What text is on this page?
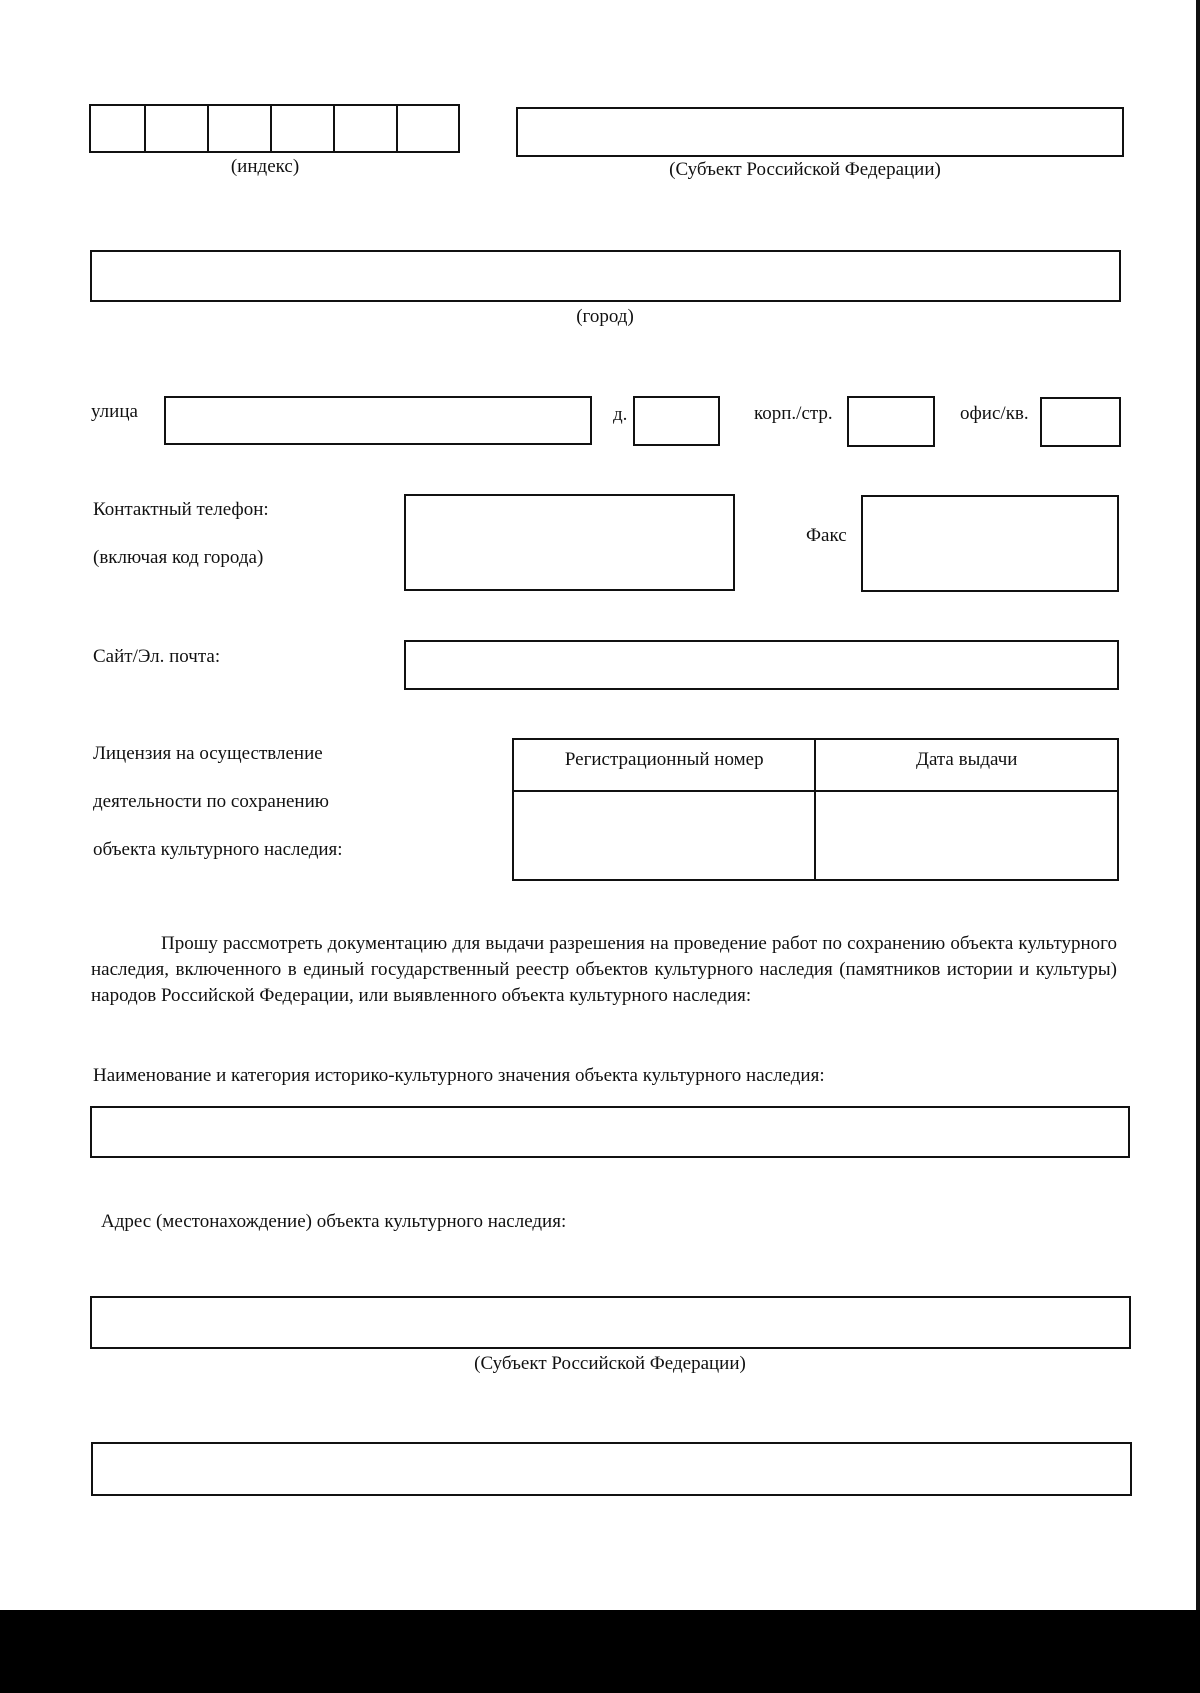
(индекс)	(Субъект Российской Федерации)
(город)
улица	д.	корп./стр.	офис/кв.
Контактный телефон:
(включая код города)
Факс
Сайт/Эл. почта:
Лицензия на осуществление
деятельности по сохранению
объекта культурного наследия:
Регистрационный номер	Дата выдачи

Прошу рассмотреть документацию для выдачи разрешения на проведение работ по сохранению объекта культурного наследия, включенного в единый государственный реестр объектов культурного наследия (памятников истории и культуры) народов Российской Федерации, или выявленного объекта культурного наследия:
Наименование и категория историко-культурного значения объекта культурного наследия:
Адрес (местонахождение) объекта культурного наследия:
(Субъект Российской Федерации)
